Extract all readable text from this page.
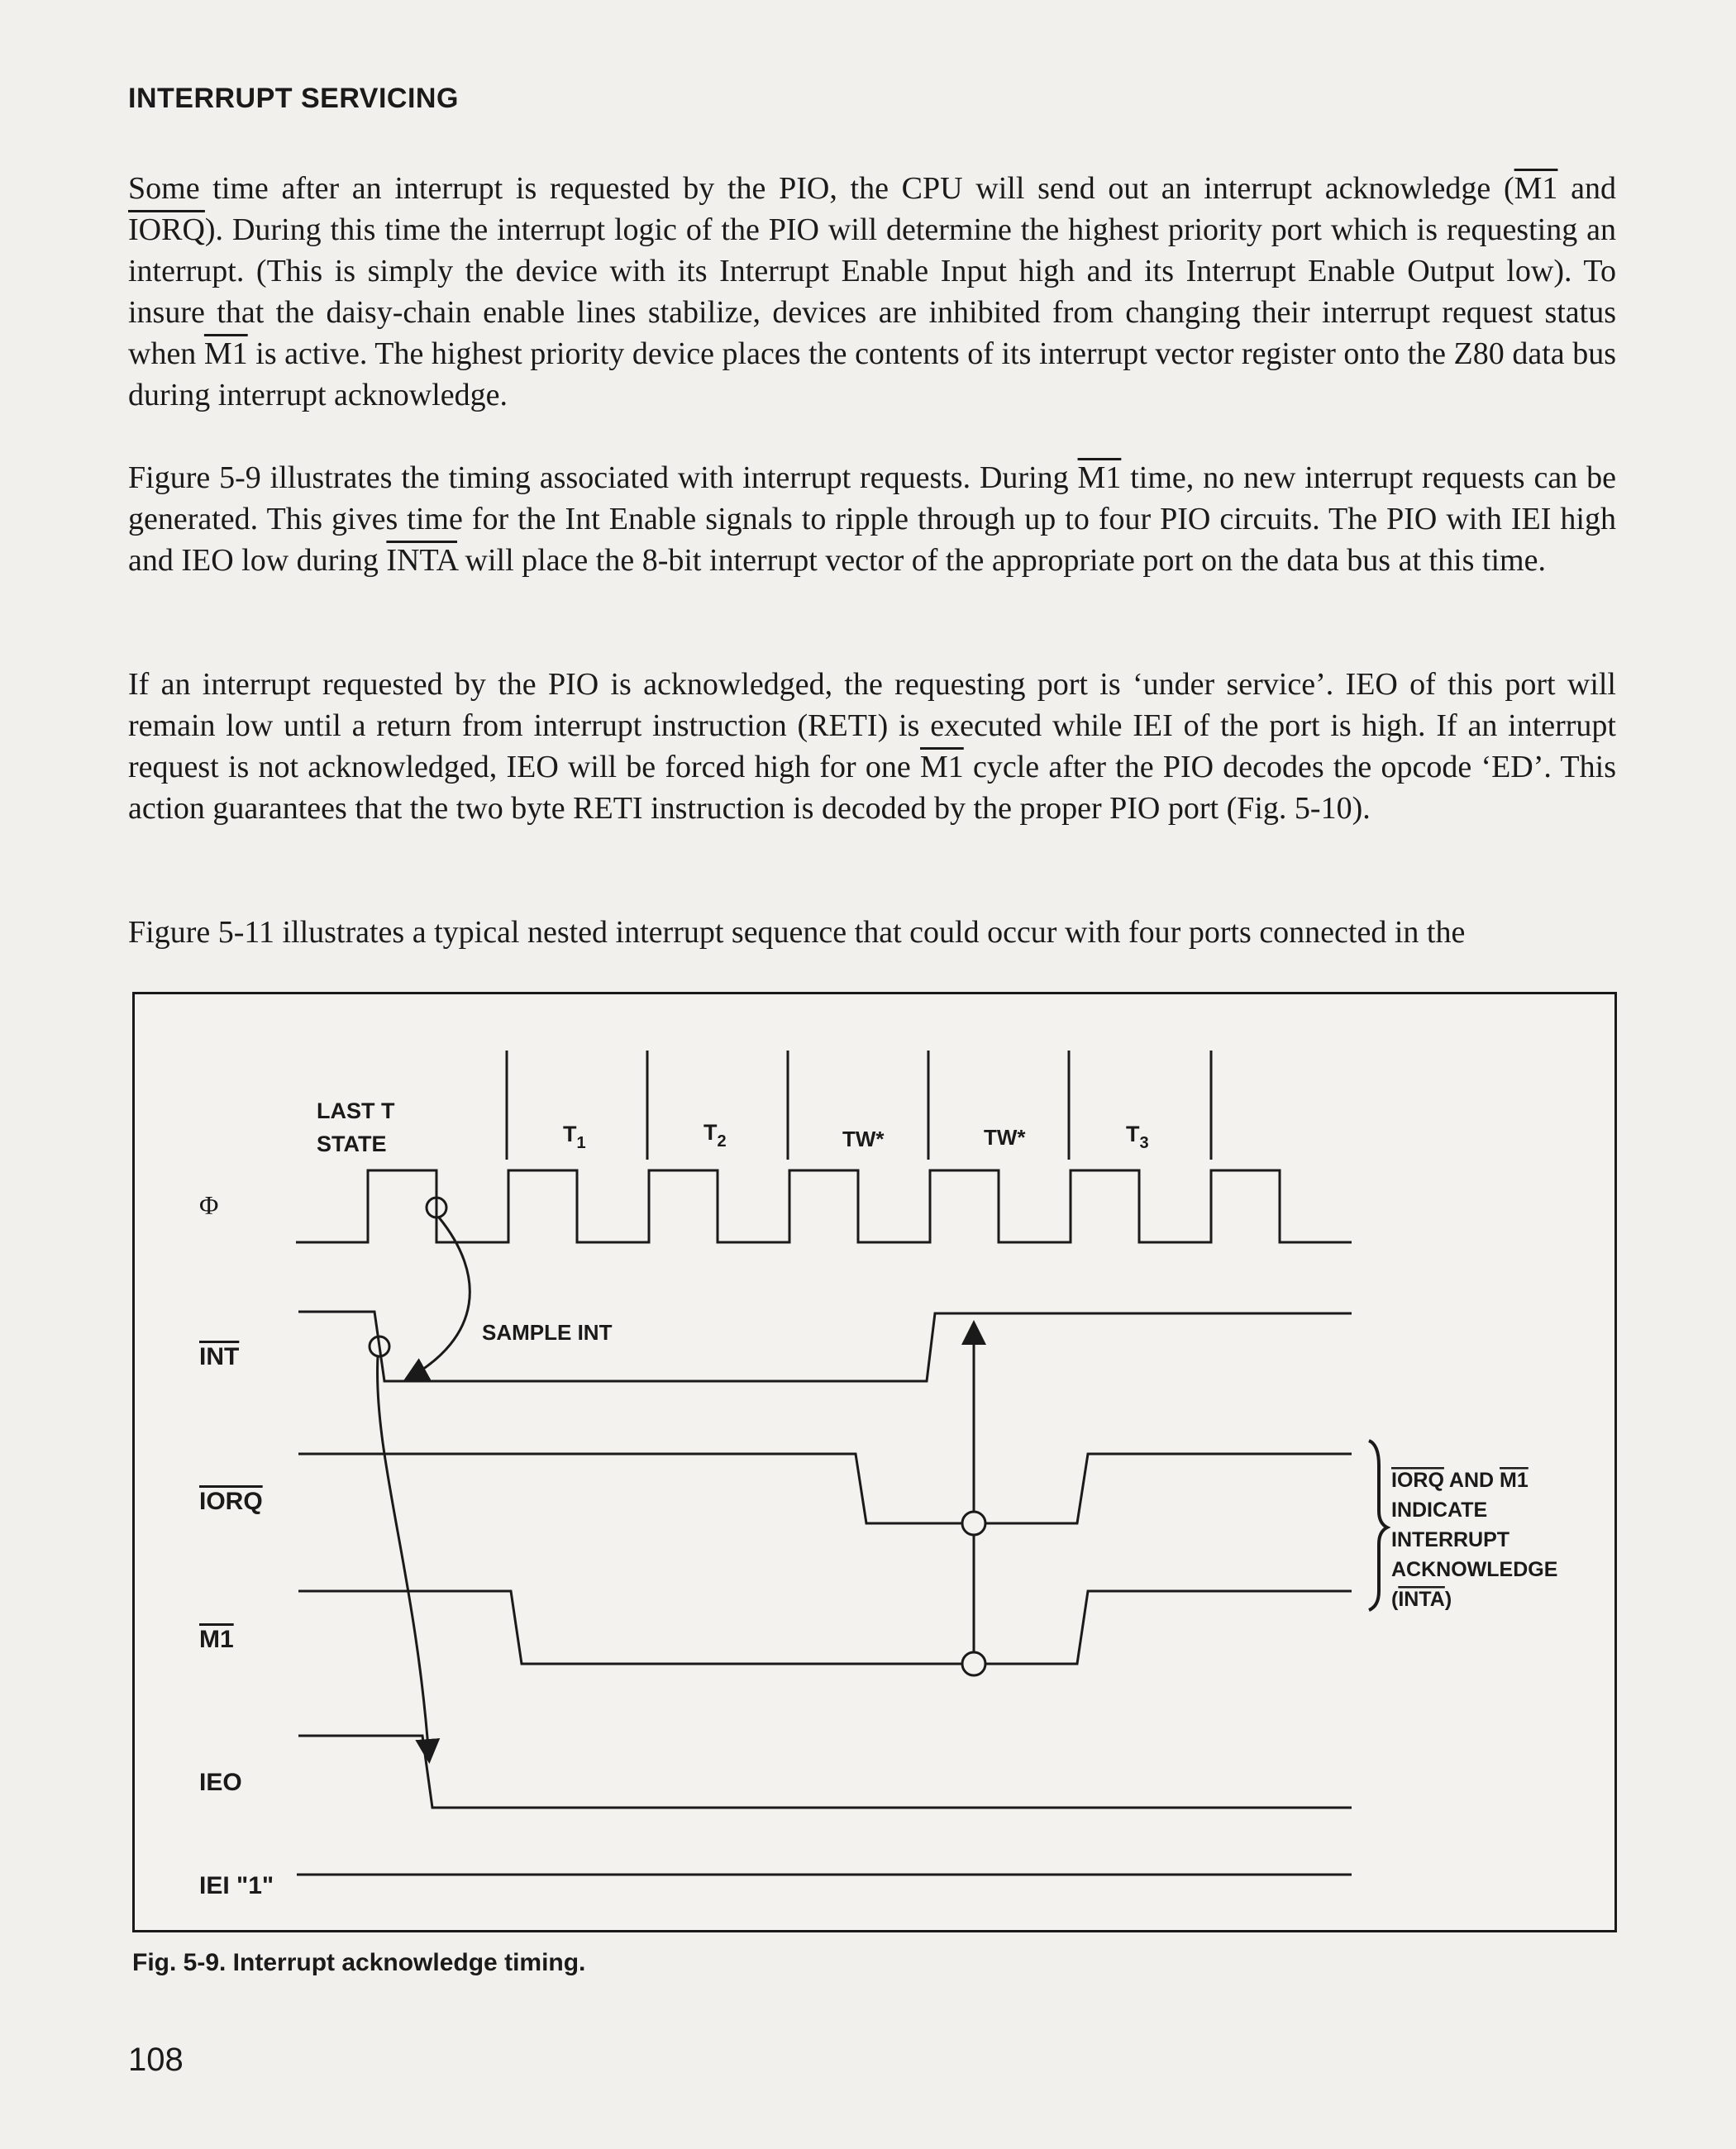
INTERRUPT SERVICING

Some time after an interrupt is requested by the PIO, the CPU will send out an interrupt acknowledge (M1 and IORQ). During this time the interrupt logic of the PIO will determine the highest priority port which is requesting an interrupt. (This is simply the device with its Interrupt Enable Input high and its Interrupt Enable Output low). To insure that the daisy-chain enable lines stabilize, devices are inhibited from changing their interrupt request status when M1 is active. The highest priority device places the contents of its interrupt vector register onto the Z80 data bus during interrupt acknowledge.

Figure 5-9 illustrates the timing associated with interrupt requests. During M1 time, no new interrupt requests can be generated. This gives time for the Int Enable signals to ripple through up to four PIO circuits. The PIO with IEI high and IEO low during INTA will place the 8-bit interrupt vector of the appropriate port on the data bus at this time.

If an interrupt requested by the PIO is acknowledged, the requesting port is ‘under service’. IEO of this port will remain low until a return from interrupt instruction (RETI) is executed while IEI of the port is high. If an interrupt request is not acknowledged, IEO will be forced high for one M1 cycle after the PIO decodes the opcode ‘ED’. This action guarantees that the two byte RETI instruction is decoded by the proper PIO port (Fig. 5-10).

Figure 5-11 illustrates a typical nested interrupt sequence that could occur with four ports connected in the

LAST T
STATE	$T_1$	$T_2$	TW*	TW*	$T_3$
Φ
INT
IORQ
M1
IEO
IEI "1"
SAMPLE INT
IORQ AND M1
INDICATE
INTERRUPT
ACKNOWLEDGE
(INTA)

Fig. 5-9. Interrupt acknowledge timing.

108
